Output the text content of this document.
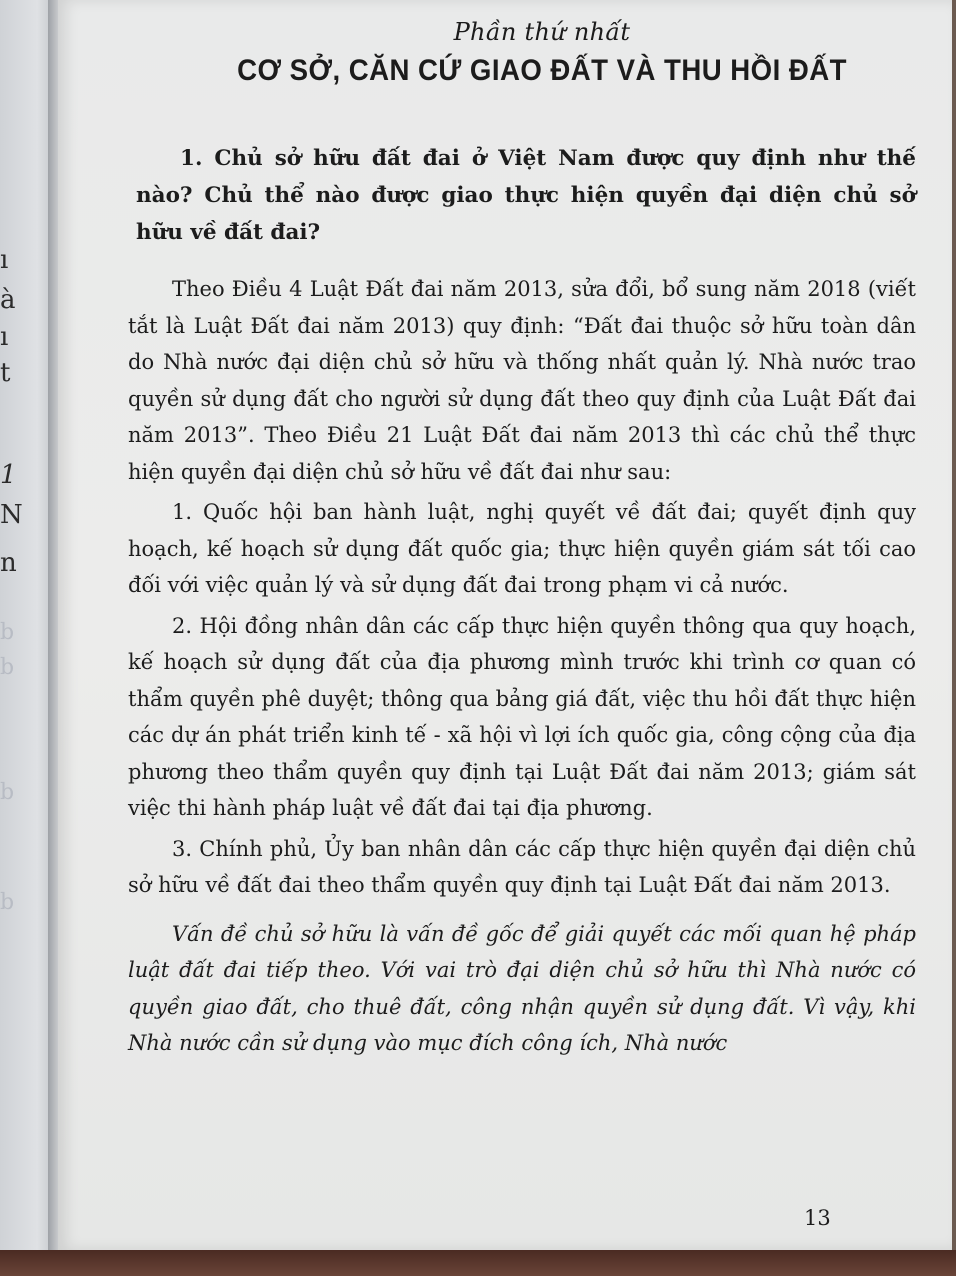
ı
à
ı
t
1
N
n
b
b
b
b
Phần thứ nhất
CƠ SỞ, CĂN CỨ GIAO ĐẤT VÀ THU HỒI ĐẤT

1. Chủ sở hữu đất đai ở Việt Nam được quy định như thế nào? Chủ thể nào được giao thực hiện quyền đại diện chủ sở hữu về đất đai?

Theo Điều 4 Luật Đất đai năm 2013, sửa đổi, bổ sung năm 2018 (viết tắt là Luật Đất đai năm 2013) quy định: “Đất đai thuộc sở hữu toàn dân do Nhà nước đại diện chủ sở hữu và thống nhất quản lý. Nhà nước trao quyền sử dụng đất cho người sử dụng đất theo quy định của Luật Đất đai năm 2013”. Theo Điều 21 Luật Đất đai năm 2013 thì các chủ thể thực hiện quyền đại diện chủ sở hữu về đất đai như sau:

1. Quốc hội ban hành luật, nghị quyết về đất đai; quyết định quy hoạch, kế hoạch sử dụng đất quốc gia; thực hiện quyền giám sát tối cao đối với việc quản lý và sử dụng đất đai trong phạm vi cả nước.

2. Hội đồng nhân dân các cấp thực hiện quyền thông qua quy hoạch, kế hoạch sử dụng đất của địa phương mình trước khi trình cơ quan có thẩm quyền phê duyệt; thông qua bảng giá đất, việc thu hồi đất thực hiện các dự án phát triển kinh tế - xã hội vì lợi ích quốc gia, công cộng của địa phương theo thẩm quyền quy định tại Luật Đất đai năm 2013; giám sát việc thi hành pháp luật về đất đai tại địa phương.

3. Chính phủ, Ủy ban nhân dân các cấp thực hiện quyền đại diện chủ sở hữu về đất đai theo thẩm quyền quy định tại Luật Đất đai năm 2013.

Vấn đề chủ sở hữu là vấn đề gốc để giải quyết các mối quan hệ pháp luật đất đai tiếp theo. Với vai trò đại diện chủ sở hữu thì Nhà nước có quyền giao đất, cho thuê đất, công nhận quyền sử dụng đất. Vì vậy, khi Nhà nước cần sử dụng vào mục đích công ích, Nhà nước

13
